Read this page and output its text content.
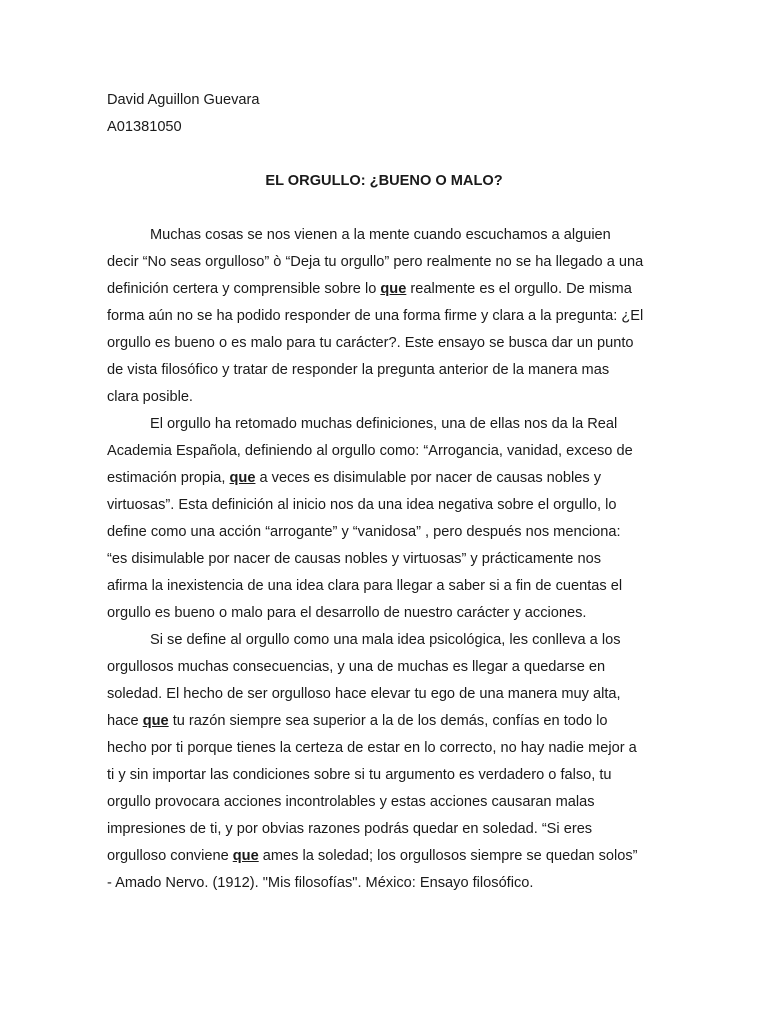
David Aguillon Guevara
A01381050
EL ORGULLO: ¿BUENO O MALO?
Muchas cosas se nos vienen a la mente cuando escuchamos a alguien
decir “No seas orgulloso” ò “Deja tu orgullo” pero realmente no se ha llegado a una
definición certera y comprensible sobre lo que realmente es el orgullo. De misma
forma aún no se ha podido responder de una forma firme y clara a la pregunta: ¿El
orgullo es bueno o es malo para tu carácter?. Este ensayo se busca dar un punto
de vista filosófico y tratar de responder la pregunta anterior de la manera mas
clara posible.
El orgullo ha retomado muchas definiciones, una de ellas nos da la Real
Academia Española, definiendo al orgullo como: “Arrogancia, vanidad, exceso de
estimación propia, que a veces es disimulable por nacer de causas nobles y
virtuosas”. Esta definición al inicio nos da una idea negativa sobre el orgullo, lo
define como una acción “arrogante” y “vanidosa” , pero después nos menciona:
“es disimulable por nacer de causas nobles y virtuosas” y prácticamente nos
afirma la inexistencia de una idea clara para llegar a saber si a fin de cuentas el
orgullo es bueno o malo para el desarrollo de nuestro carácter y acciones.
Si se define al orgullo como una mala idea psicológica, les conlleva a los
orgullosos muchas consecuencias, y una de muchas es llegar a quedarse en
soledad. El hecho de ser orgulloso hace elevar tu ego de una manera muy alta,
hace que tu razón siempre sea superior a la de los demás, confías en todo lo
hecho por ti porque tienes la certeza de estar en lo correcto, no hay nadie mejor a
ti y sin importar las condiciones sobre si tu argumento es verdadero o falso, tu
orgullo provocara acciones incontrolables y estas acciones causaran malas
impresiones de ti, y por obvias razones podrás quedar en soledad. “Si eres
orgulloso conviene que ames la soledad; los orgullosos siempre se quedan solos”
- Amado Nervo. (1912). "Mis filosofías". México: Ensayo filosófico.
